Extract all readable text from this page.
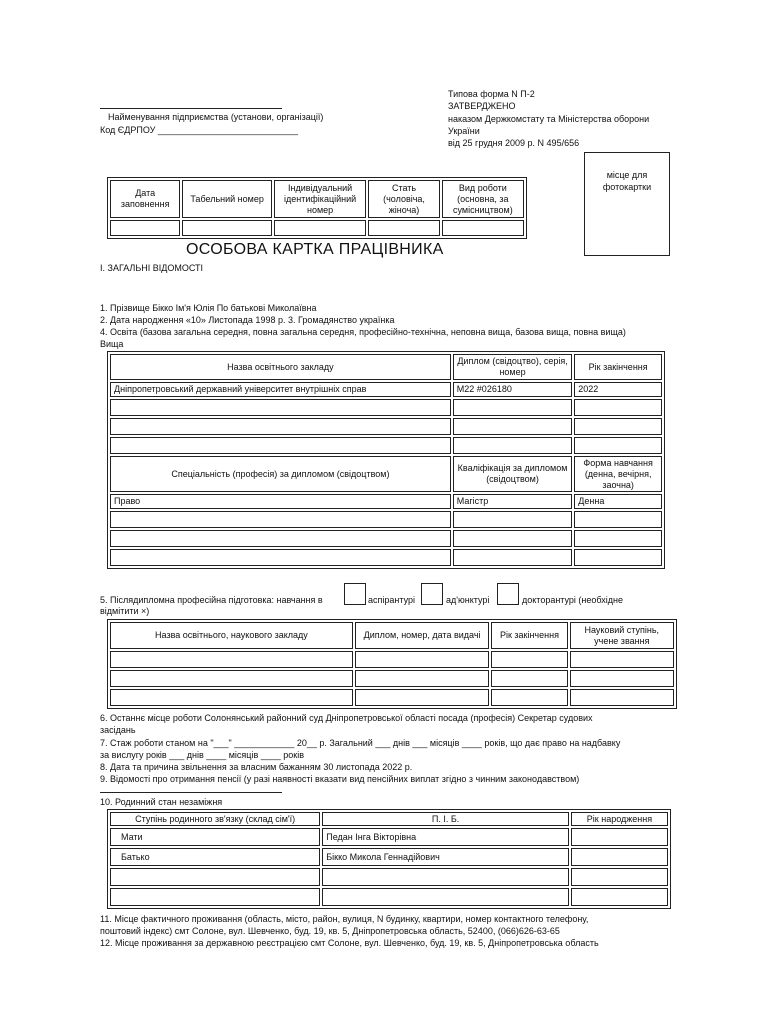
Типова форма N П-2
ЗАТВЕРДЖЕНО
наказом Держкомстату та Міністерства оборони
України
від 25 грудня 2009 р. N 495/656
Найменування підприємства (установи, організації)
Код ЄДРПОУ ____________________________
місце для фотокартки
Дата заповнення	Табельний номер	Індивідуальний ідентифікаційний номер	Стать (чоловіча, жіноча)	Вид роботи (основна, за сумісництвом)

ОСОБОВА КАРТКА ПРАЦІВНИКА
І. ЗАГАЛЬНІ ВІДОМОСТІ
1. Прізвище Бікко Ім'я Юлія По батькові Миколаївна
2. Дата народження «10» Листопада 1998 р. 3. Громадянство українка
4. Освіта (базова загальна середня, повна загальна середня, професійно-технічна, неповна вища, базова вища, повна вища)
Вища
Назва освітнього закладу	Диплом (свідоцтво), серія, номер	Рік закінчення
Дніпропетровський державний університет внутрішніх справ	М22 #026180	2022

Спеціальність (професія) за дипломом (свідоцтвом)	Кваліфікація за дипломом (свідоцтвом)	Форма навчання (денна, вечірня, заочна)
Право	Магістр	Денна

5. Післядипломна професійна підготовка: навчання в	аспірантурі	ад'юнктурі	докторантурі (необхідне
відмітити ×)
Назва освітнього, наукового закладу	Диплом, номер, дата видачі	Рік закінчення	Науковий ступінь, учене звання

6. Останнє місце роботи Солонянський районний суд Дніпропетровської області посада (професія) Секретар судових
засідань
7. Стаж роботи станом на "___" ____________ 20__ р. Загальний ___ днів ___ місяців ____ років, що дає право на надбавку
за вислугу років ___ днів ____ місяців ____ років
8. Дата та причина звільнення за власним бажанням 30 листопада 2022 р.
9. Відомості про отримання пенсії (у разі наявності вказати вид пенсійних виплат згідно з чинним законодавством)
10. Родинний стан незаміжня
Ступінь родинного зв'язку (склад сім'ї)	П. І. Б.	Рік народження
Мати	Педан Інга Вікторівна	
Батько	Бікко Микола Геннадійович	

11. Місце фактичного проживання (область, місто, район, вулиця, N будинку, квартири, номер контактного телефону,
поштовий індекс) смт Солоне, вул. Шевченко, буд. 19, кв. 5, Дніпропетровська область, 52400, (066)626-63-65
12. Місце проживання за державною реєстрацією смт Солоне, вул. Шевченко, буд. 19, кв. 5, Дніпропетровська область
